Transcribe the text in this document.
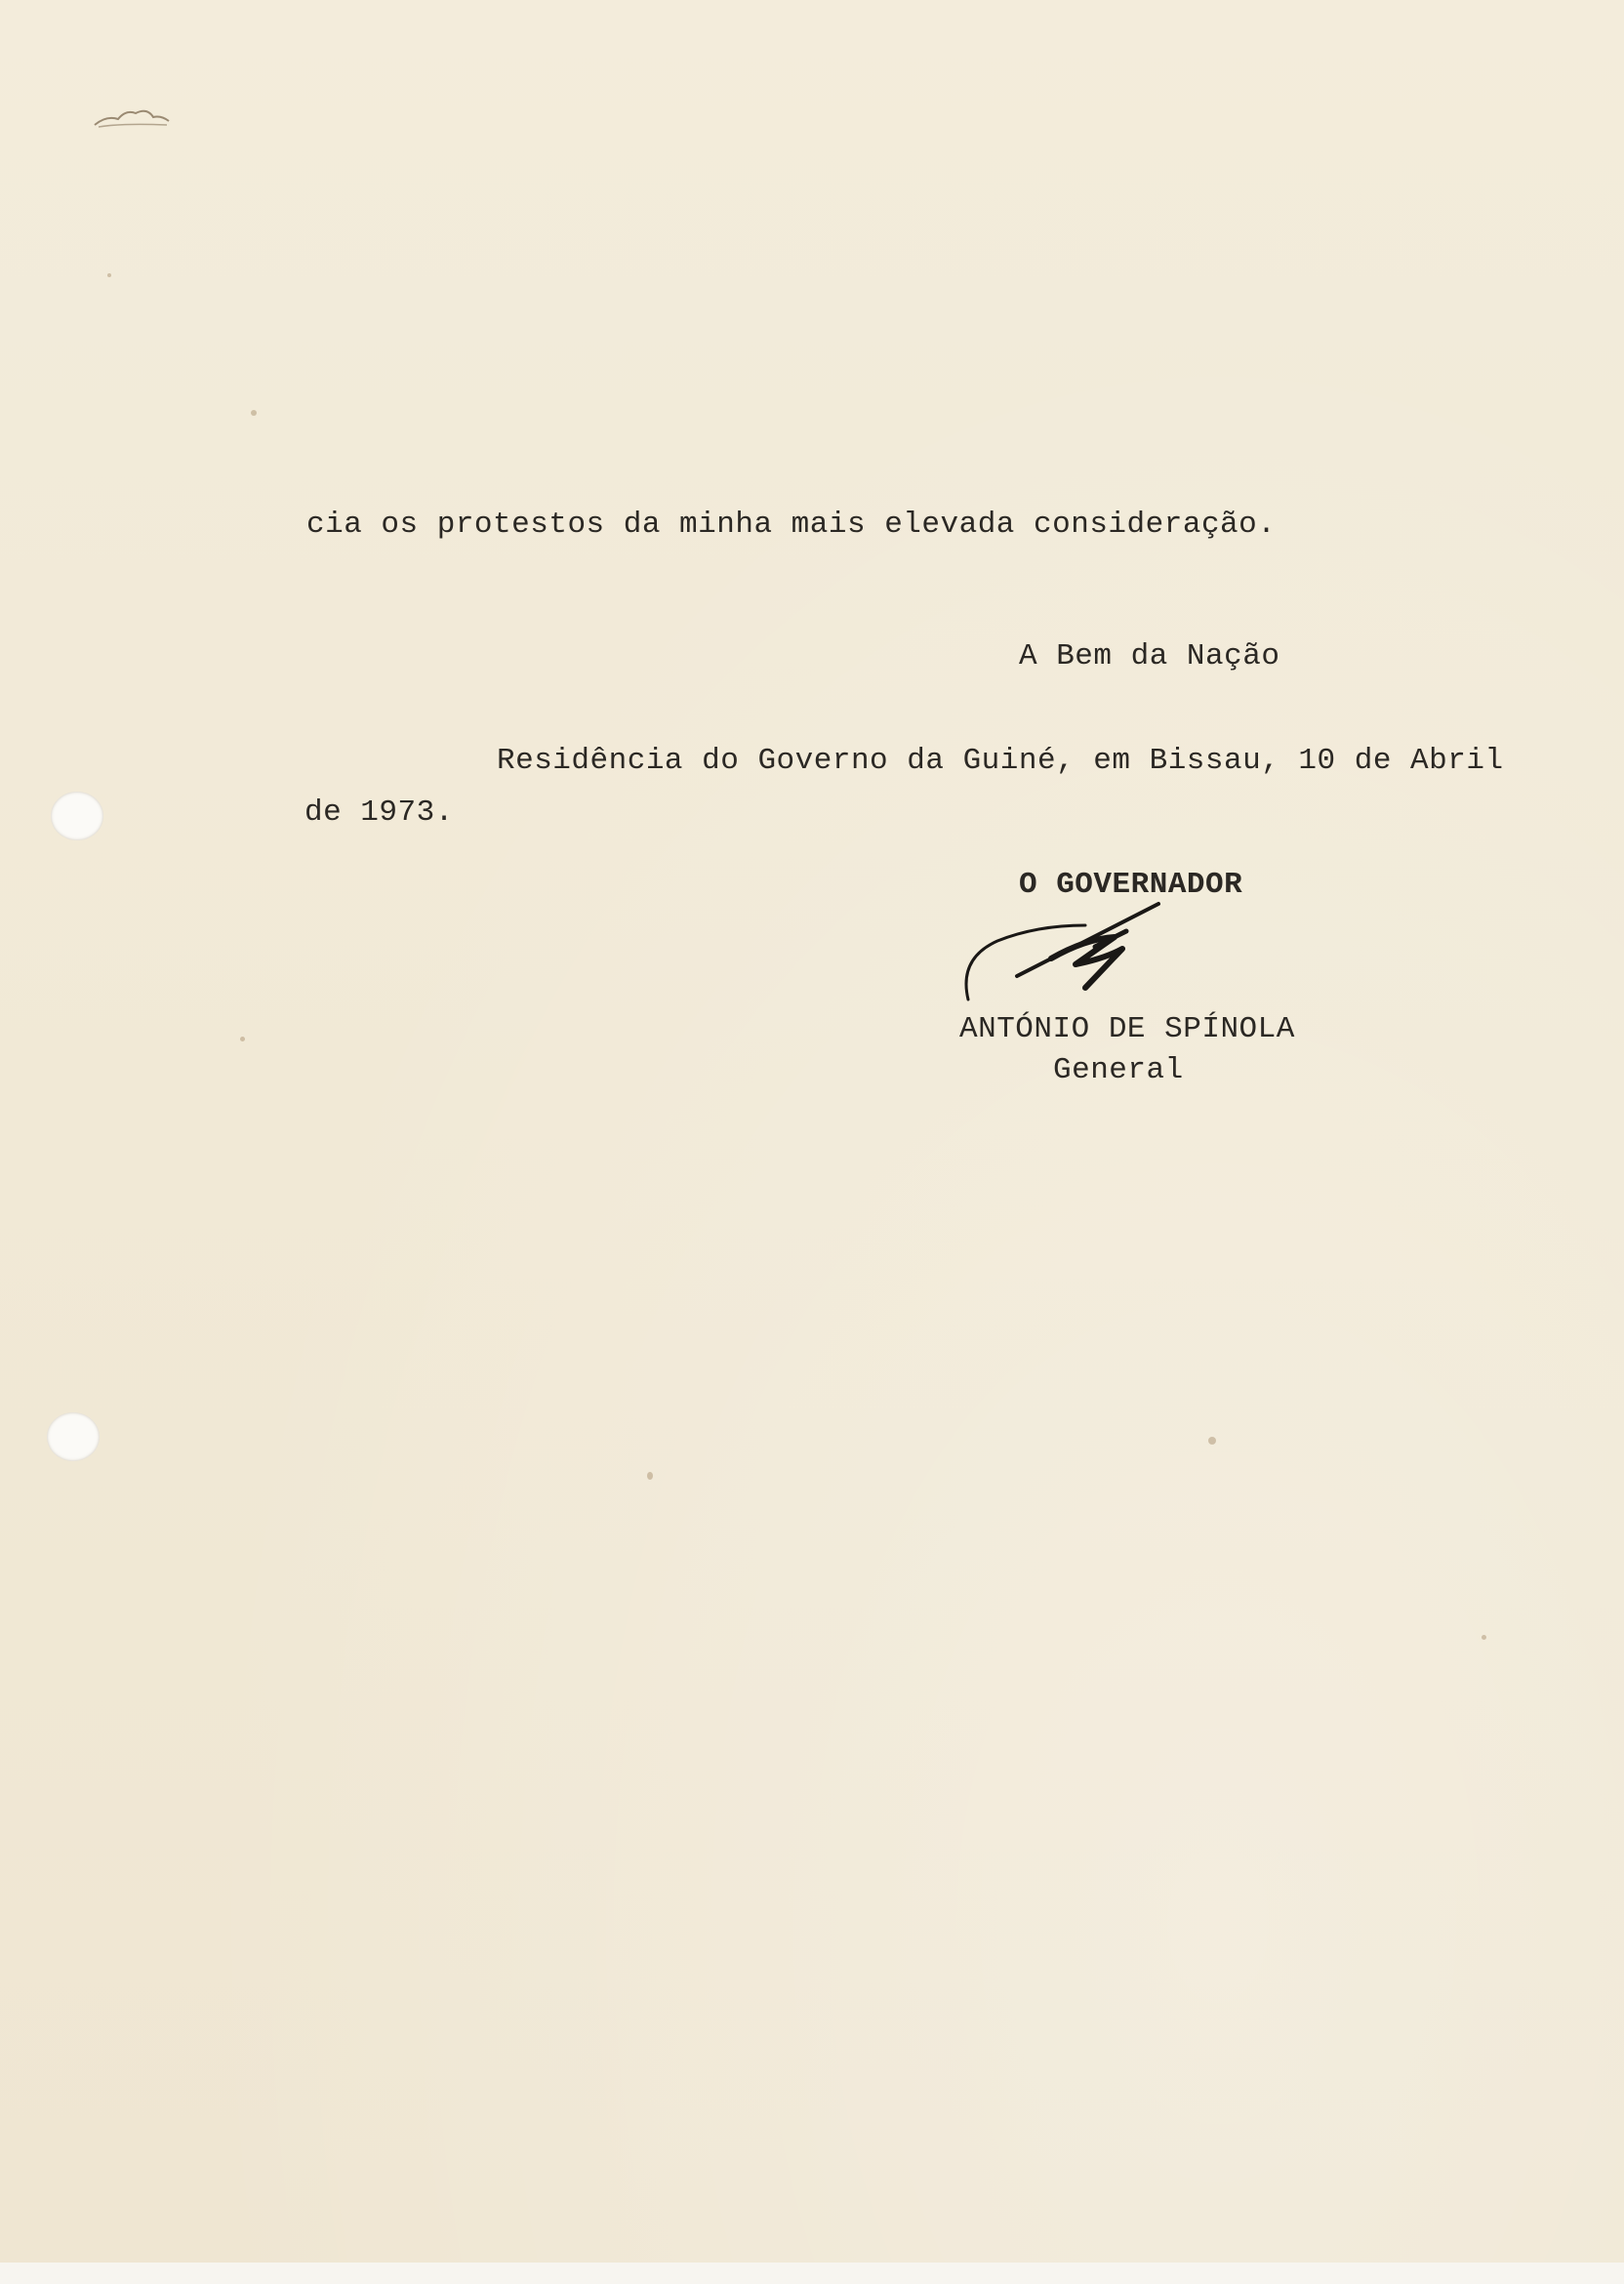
cia os protestos da minha mais elevada consideração.
A Bem da Nação
Residência do Governo da Guiné, em Bissau, 10 de Abril
de 1973.
O GOVERNADOR
ANTÓNIO DE SPÍNOLA
General
